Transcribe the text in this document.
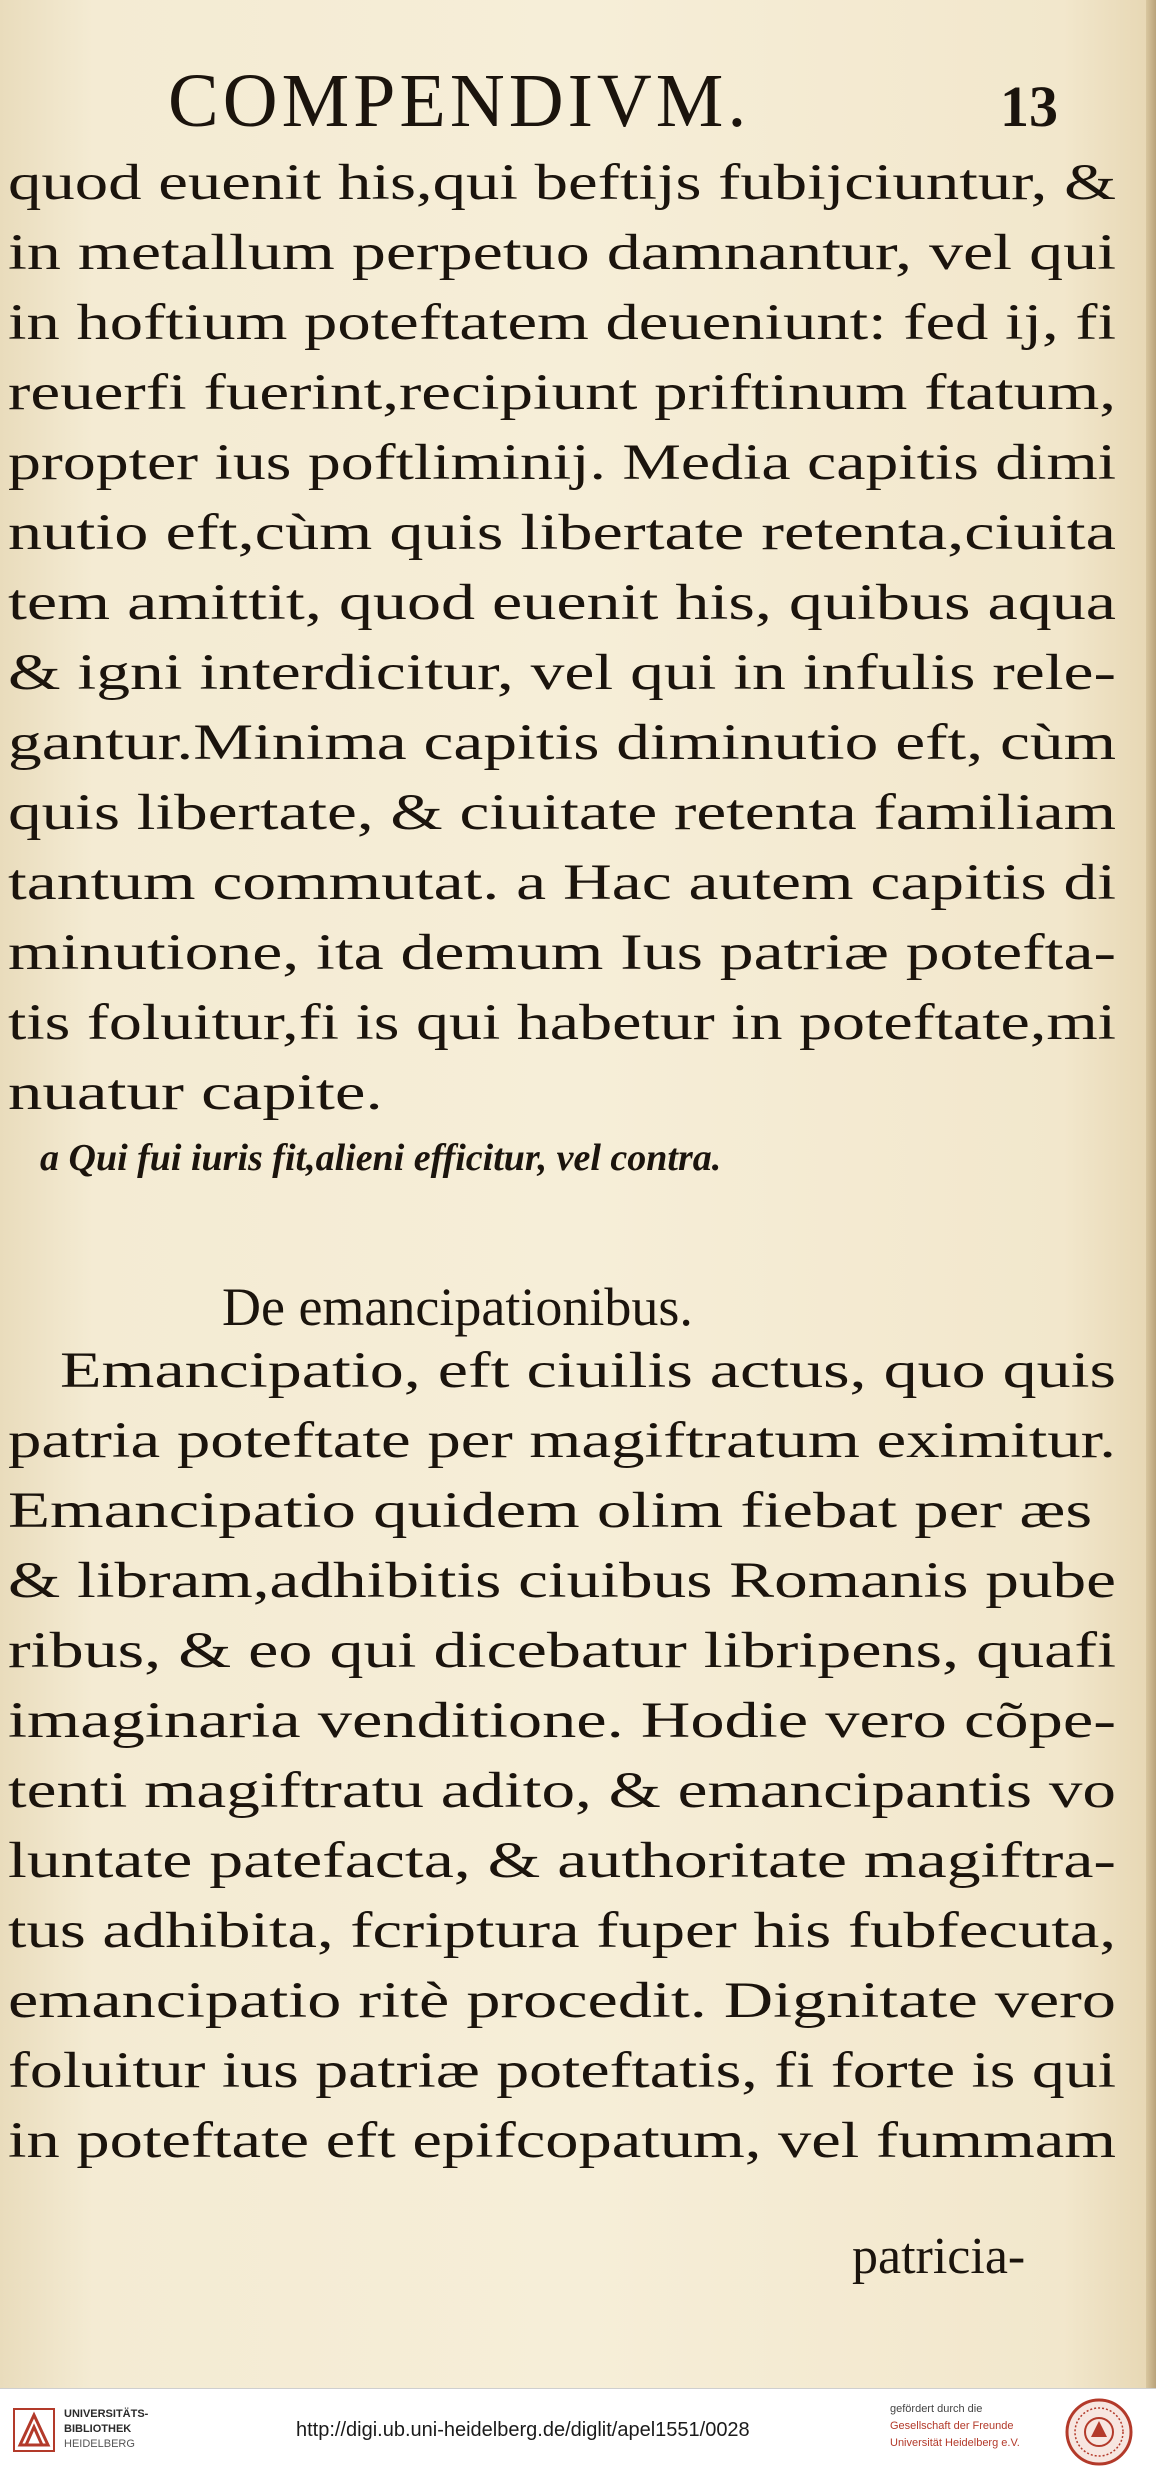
COMPENDIVM.	13
quod euenit his,qui beftijs fubijciuntur, &
in metallum perpetuo damnantur, vel qui
in hoftium poteftatem deueniunt: fed ij, fi
reuerfi fuerint,recipiunt priftinum ftatum,
propter ius poftliminij. Media capitis dimi
nutio eft,cùm quis libertate retenta,ciuita
tem amittit, quod euenit his, quibus aqua
& igni interdicitur, vel qui in infulis rele-
gantur.Minima capitis diminutio eft, cùm
quis libertate, & ciuitate retenta familiam
tantum commutat. a Hac autem capitis di
minutione, ita demum Ius patriæ potefta-
tis foluitur,fi is qui habetur in poteftate,mi
nuatur capite.
a Qui fui iuris fit,alieni efficitur, vel contra.
De emancipationibus.
Emancipatio, eft ciuilis actus, quo quis
patria poteftate per magiftratum eximitur.
Emancipatio quidem olim fiebat per æs
& libram,adhibitis ciuibus Romanis pube
ribus, & eo qui dicebatur libripens, quafi
imaginaria venditione. Hodie vero cõpe-
tenti magiftratu adito, & emancipantis vo
luntate patefacta, & authoritate magiftra-
tus adhibita, fcriptura fuper his fubfecuta,
emancipatio ritè procedit. Dignitate vero
foluitur ius patriæ poteftatis, fi forte is qui
in poteftate eft epifcopatum, vel fummam
patricia-
UNIVERSITÄTS-
BIBLIOTHEK
HEIDELBERG
http://digi.ub.uni-heidelberg.de/diglit/apel1551/0028
gefördert durch die
Gesellschaft der Freunde
Universität Heidelberg e.V.
